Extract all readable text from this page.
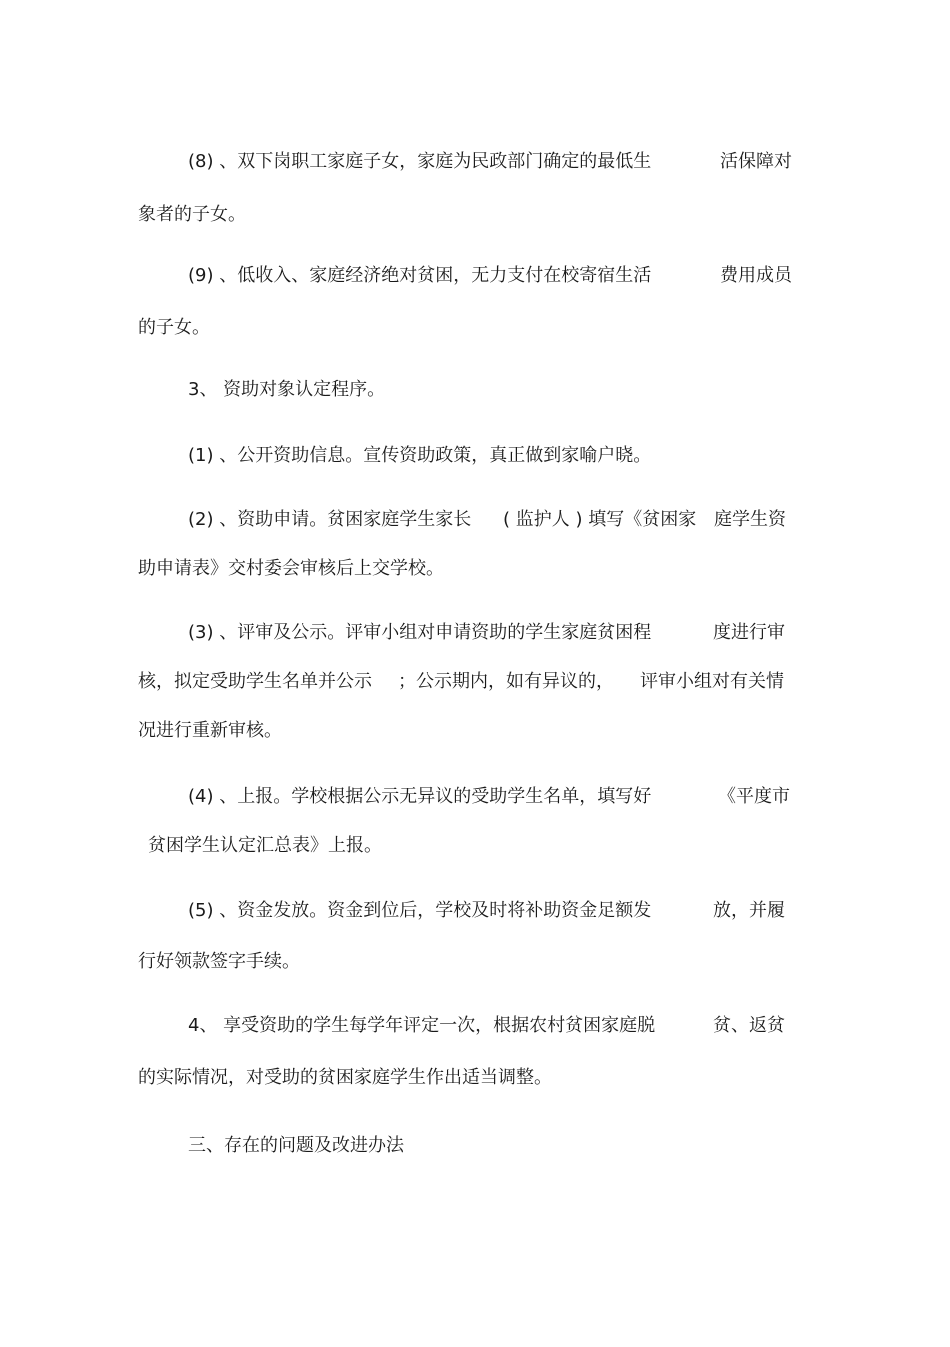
(8) 、双下岗职工家庭子女，家庭为民政部门确定的最低生	活保障对
象者的子女。
(9) 、低收入、家庭经济绝对贫困，无力支付在校寄宿生活	费用成员
的子女。
3、 资助对象认定程序。
(1) 、公开资助信息。宣传资助政策，真正做到家喻户晓。
(2) 、资助申请。贫困家庭学生家长 ( 监护人 ) 填写《贫困家 庭学生资
助申请表》交村委会审核后上交学校。
(3) 、评审及公示。评审小组对申请资助的学生家庭贫困程	度进行审
核，拟定受助学生名单并公示 ；公示期内，如有异议的， 评审小组对有关情
况进行重新审核。
(4) 、上报。学校根据公示无异议的受助学生名单，填写好	《平度市
贫困学生认定汇总表》上报。
(5) 、资金发放。资金到位后，学校及时将补助资金足额发	放，并履
行好领款签字手续。
4、 享受资助的学生每学年评定一次，根据农村贫困家庭脱	贫、返贫
的实际情况，对受助的贫困家庭学生作出适当调整。
三、存在的问题及改进办法
